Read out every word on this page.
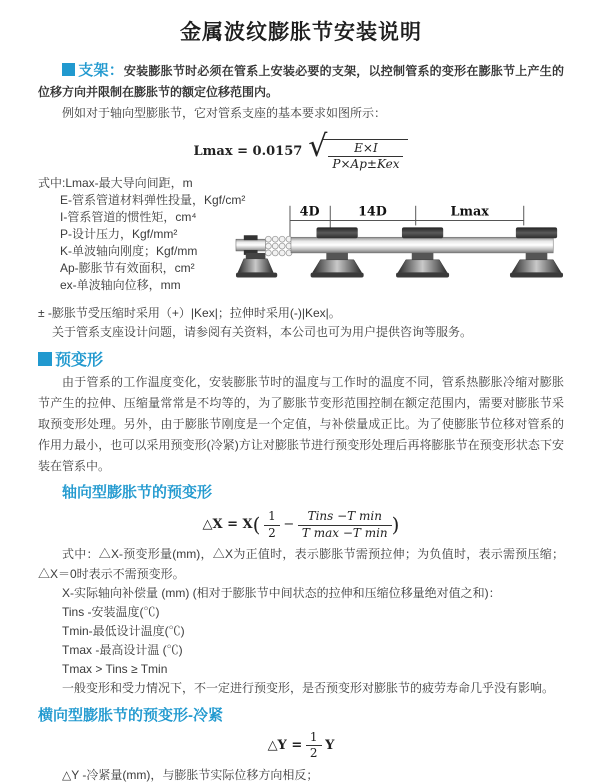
金属波纹膨胀节安装说明

支架：安装膨胀节时必须在管系上安装必要的支架，以控制管系的变形在膨胀节上产生的位移方向并限制在膨胀节的额定位移范围内。

例如对于轴向型膨胀节，它对管系支座的基本要求如图所示：

Lmax = 0.0157 √ $\frac{E\times I}{\text{P×Ap±Kex}}$
式中:Lmax-最大导向间距，m
E-管系管道材料弹性投量，Kgf/cm²
I-管系管道的惯性矩，cm⁴
P-设计压力，Kgf/mm²
K-单波轴向刚度；Kgf/mm
Ap-膨胀节有效面积，cm²
ex-单波轴向位移，mm
4D	14D	Lmax

± -膨胀节受压缩时采用（+）|Kex|；拉伸时采用(-)|Kex|。

关于管系支座设计问题，请参阅有关资料，本公司也可为用户提供咨询等服务。

预变形

由于管系的工作温度变化，安装膨胀节时的温度与工作时的温度不同，管系热膨胀冷缩对膨胀节产生的拉伸、压缩量常常是不均等的，为了膨胀节变形范围控制在额定范围内，需要对膨胀节采取预变形处理。另外，由于膨胀节刚度是一个定值，与补偿量成正比。为了使膨胀节位移对管系的作用力最小，也可以采用预变形(冷紧)方让对膨胀节进行预变形处理后再将膨胀节在预变形状态下安装在管系中。

轴向型膨胀节的预变形
△X = $X( \frac{1}{2} - \frac{\text{Tins −T min}}{\text{T max −T min}}$ )

式中：△X-预变形量(mm)，△X为正值时，表示膨胀节需预拉伸；为负值时，表示需预压缩；△X＝0时表示不需预变形。

X-实际轴向补偿量 (mm) (相对于膨胀节中间状态的拉伸和压缩位移量绝对值之和)：
Tins -安装温度(℃)
Tmin-最低设计温度(℃)
Tmax -最高设计温 (℃)
Tmax > Tins ≥ Tmin
一般变形和受力情况下，不一定进行预变形，是否预变形对膨胀节的疲劳寿命几乎没有影响。
横向型膨胀节的预变形-冷紧
△Y = $\frac{1}{2}$ Y

△Y -冷紧量(mm)，与膨胀节实际位移方向相反；
